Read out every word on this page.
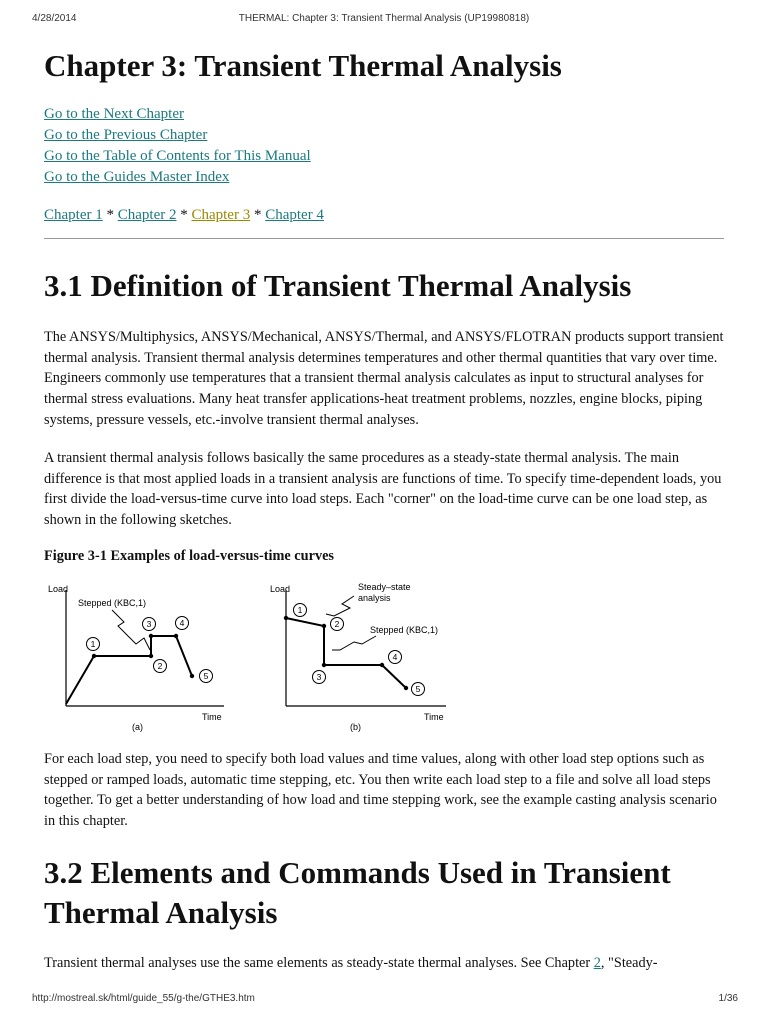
4/28/2014	THERMAL: Chapter 3: Transient Thermal Analysis (UP19980818)
Chapter 3: Transient Thermal Analysis
Go to the Next Chapter
Go to the Previous Chapter
Go to the Table of Contents for This Manual
Go to the Guides Master Index
Chapter 1 * Chapter 2 * Chapter 3 * Chapter 4
3.1 Definition of Transient Thermal Analysis

The ANSYS/Multiphysics, ANSYS/Mechanical, ANSYS/Thermal, and ANSYS/FLOTRAN products support transient thermal analysis. Transient thermal analysis determines temperatures and other thermal quantities that vary over time. Engineers commonly use temperatures that a transient thermal analysis calculates as input to structural analyses for thermal stress evaluations. Many heat transfer applications-heat treatment problems, nozzles, engine blocks, piping systems, pressure vessels, etc.-involve transient thermal analyses.

A transient thermal analysis follows basically the same procedures as a steady-state thermal analysis. The main difference is that most applied loads in a transient analysis are functions of time. To specify time-dependent loads, you first divide the load-versus-time curve into load steps. Each "corner" on the load-time curve can be one load step, as shown in the following sketches.

Figure 3-1 Examples of load-versus-time curves

Load
Stepped (KBC,1)
Time
(a)
1
2
3	4
5
Load	Steady–state
analysis
Stepped (KBC,1)
Time
(b)
1
2
3
4
5

For each load step, you need to specify both load values and time values, along with other load step options such as stepped or ramped loads, automatic time stepping, etc. You then write each load step to a file and solve all load steps together. To get a better understanding of how load and time stepping work, see the example casting analysis scenario in this chapter.

3.2 Elements and Commands Used in Transient Thermal Analysis

Transient thermal analyses use the same elements as steady-state thermal analyses. See Chapter 2, "Steady-

http://mostreal.sk/html/guide_55/g-the/GTHE3.htm	1/36
